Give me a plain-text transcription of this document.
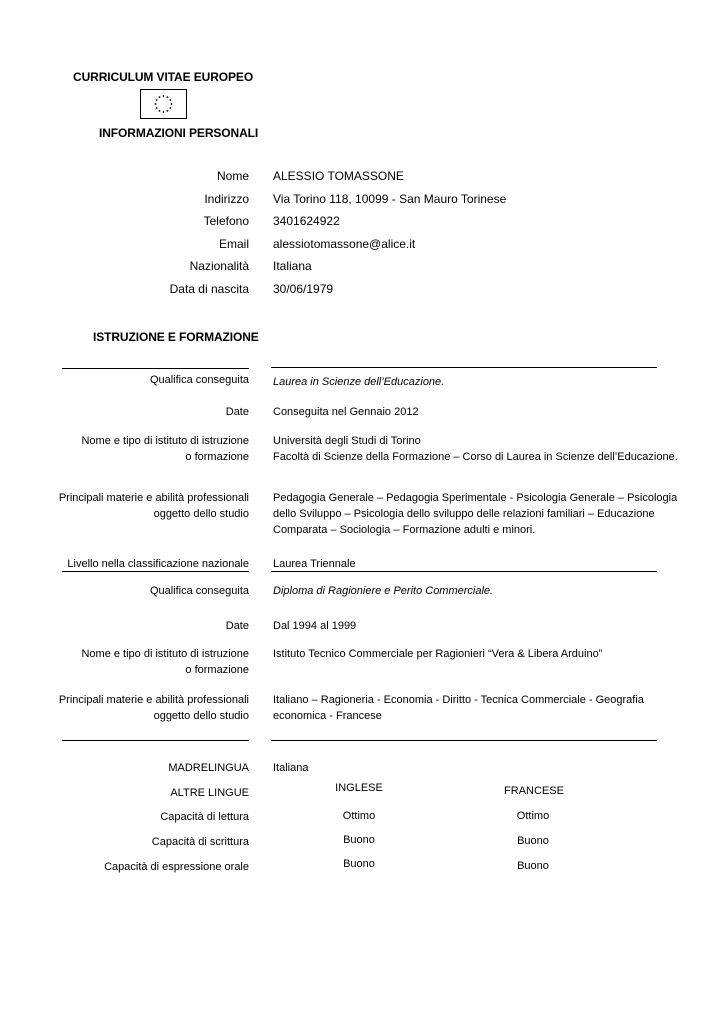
CURRICULUM VITAE EUROPEO
INFORMAZIONI PERSONALI
Nome ALESSIO TOMASSONE
Indirizzo Via Torino 118, 10099 - San Mauro Torinese
Telefono 3401624922
Email alessiotomassone@alice.it
Nazionalità Italiana
Data di nascita 30/06/1979
ISTRUZIONE E FORMAZIONE
Qualifica conseguita Laurea in Scienze dell’Educazione.
Date Conseguita nel Gennaio 2012
Nome e tipo di istituto di istruzione
o formazione
Università degli Studi di Torino
Facoltà di Scienze della Formazione – Corso di Laurea in Scienze dell’Educazione.
Principali materie e abilità professionali
oggetto dello studio
Pedagogia Generale – Pedagogia Sperimentale - Psicologia Generale – Psicologia
dello Sviluppo – Psicologia dello sviluppo delle relazioni familiari – Educazione
Comparata – Sociologia – Formazione adulti e minori.
Livello nella classificazione nazionale Laurea Triennale
Qualifica conseguita Diploma di Ragioniere e Perito Commerciale.
Date Dal 1994 al 1999
Nome e tipo di istituto di istruzione
o formazione
Istituto Tecnico Commerciale per Ragionieri “Vera & Libera Arduino”
Principali materie e abilità professionali
oggetto dello studio
Italiano – Ragioneria - Economia - Diritto - Tecnica Commerciale - Geografia
economica - Francese
MADRELINGUA Italiana
ALTRE LINGUE	INGLESE	FRANCESE
Capacità di lettura	Ottimo	Ottimo
Capacità di scrittura	Buono	Buono
Capacità di espressione orale	Buono	Buono
